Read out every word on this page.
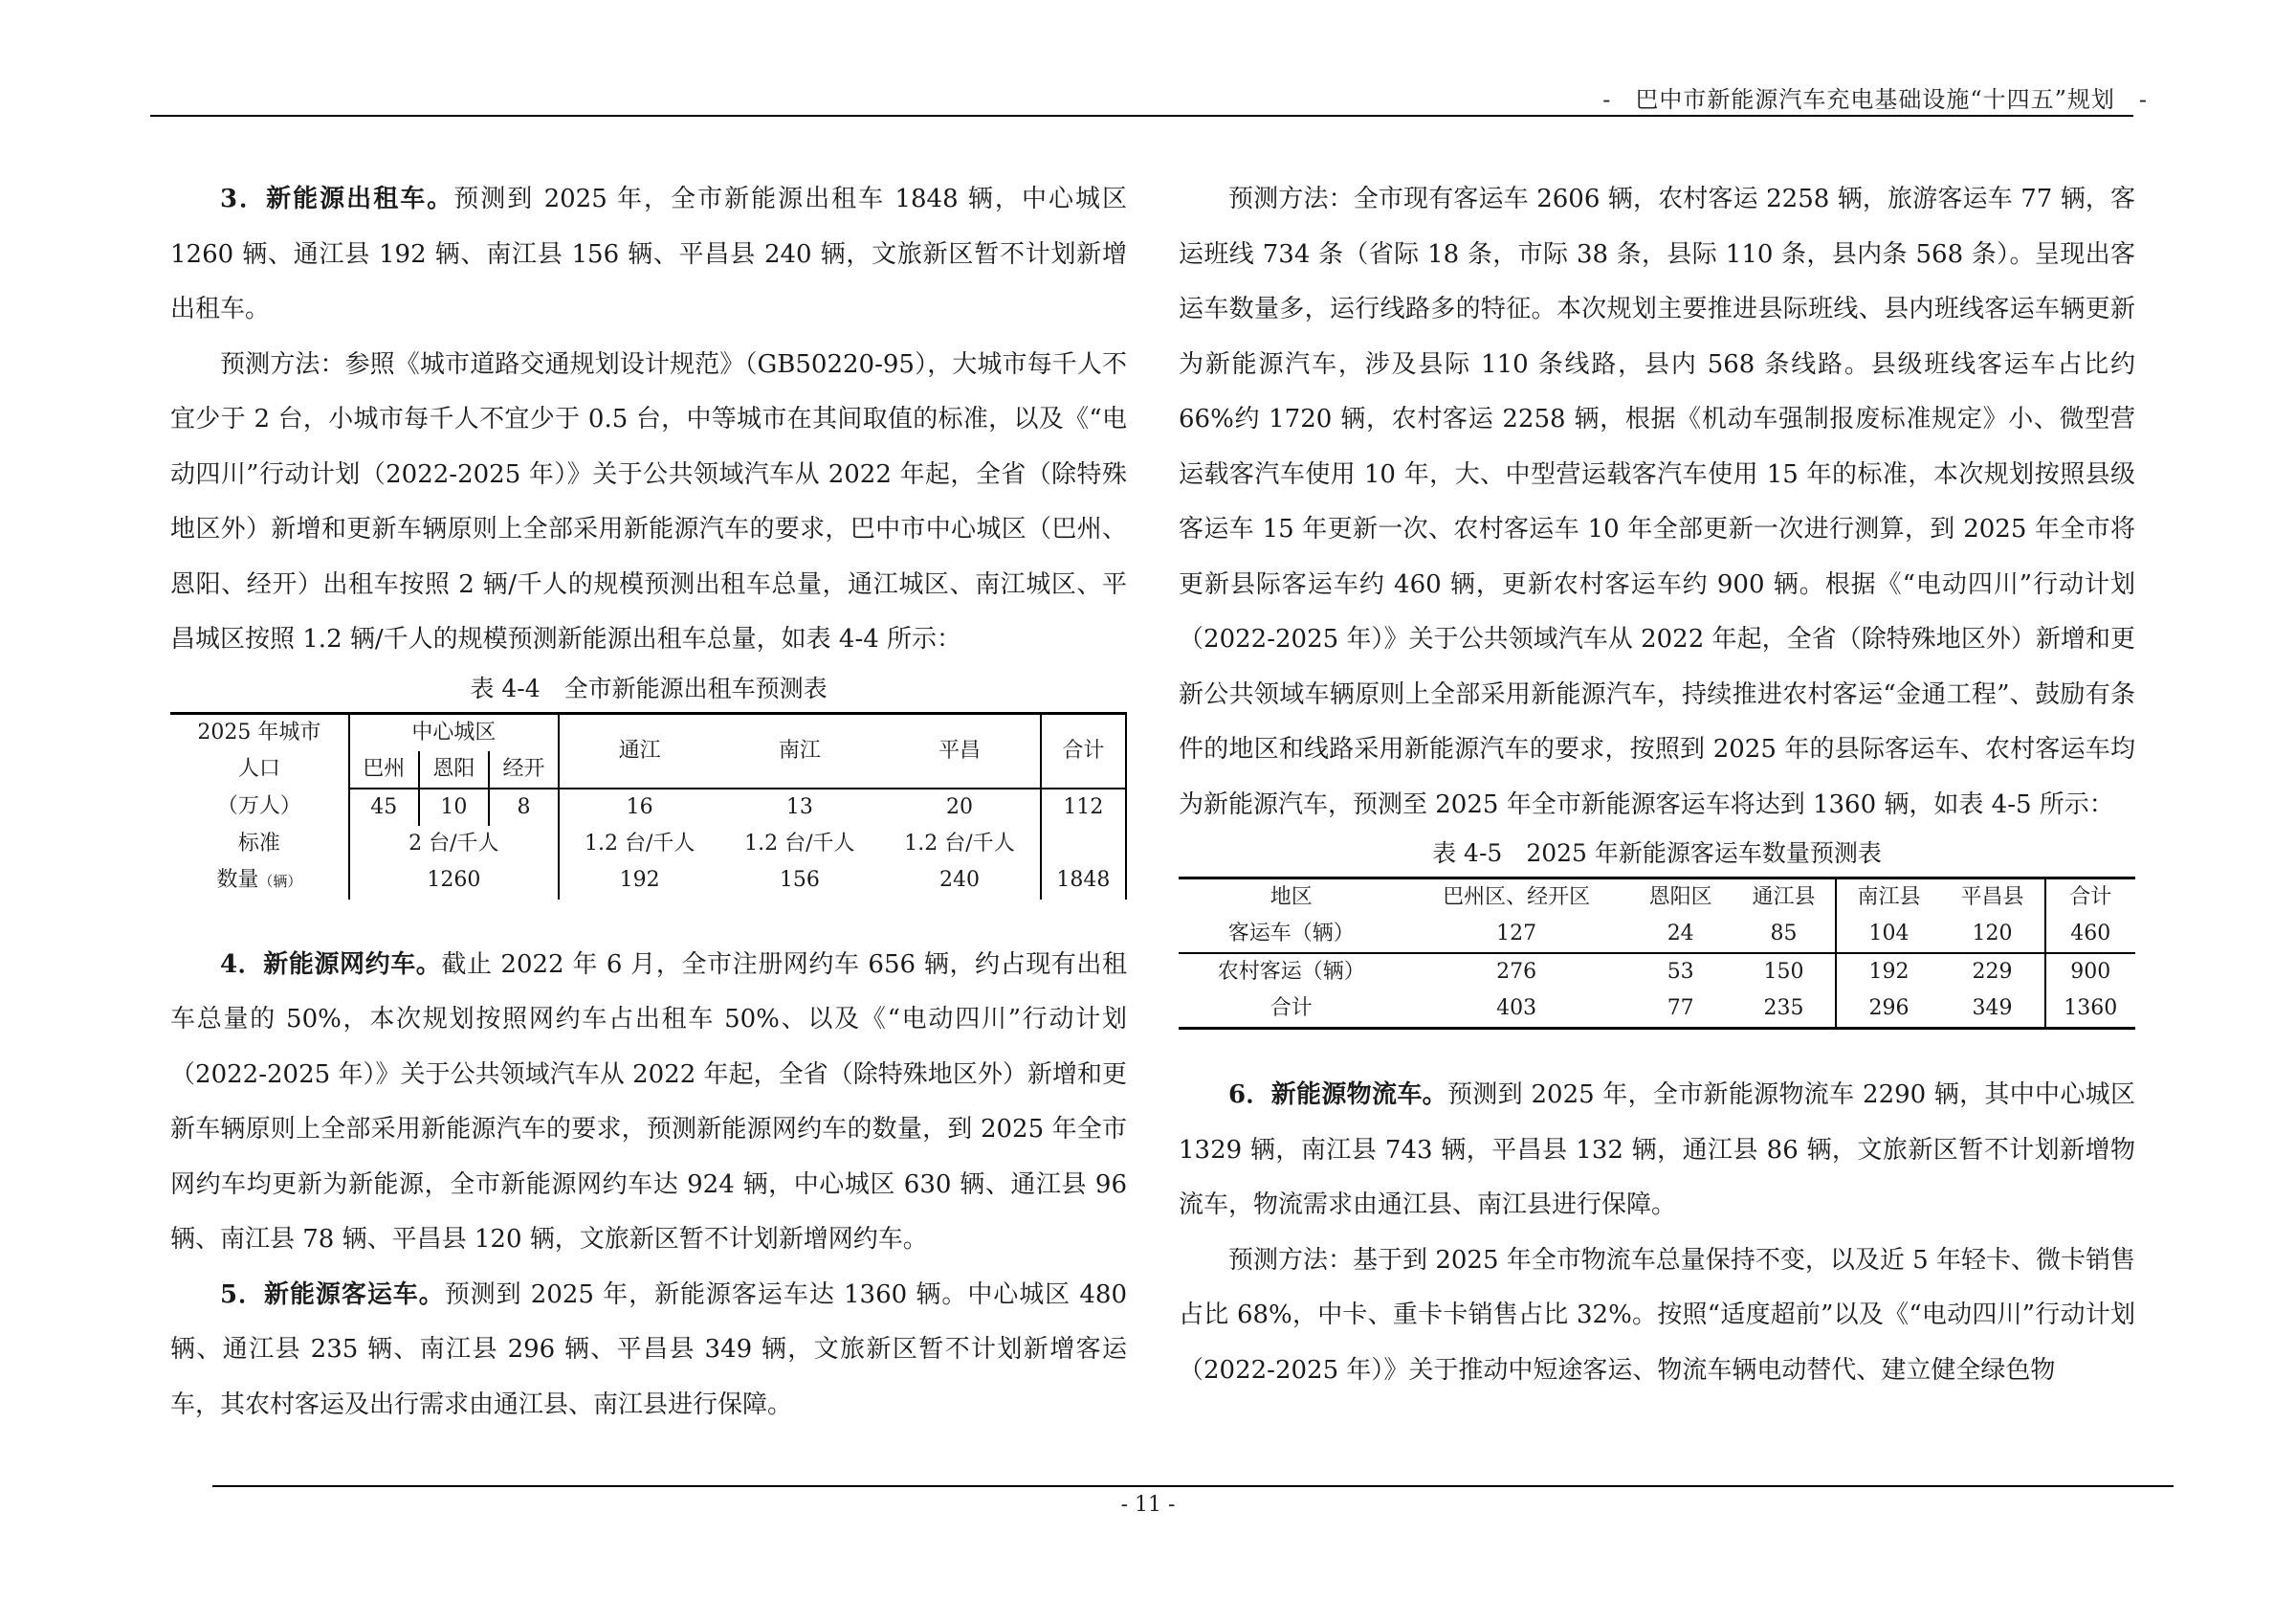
-　巴中市新能源汽车充电基础设施“十四五”规划　-

3．新能源出租车。预测到 2025 年，全市新能源出租车 1848 辆，中心城区 1260 辆、通江县 192 辆、南江县 156 辆、平昌县 240 辆，文旅新区暂不计划新增出租车。

预测方法：参照《城市道路交通规划设计规范》（GB50220-95），大城市每千人不宜少于 2 台，小城市每千人不宜少于 0.5 台，中等城市在其间取值的标准，以及《“电动四川”行动计划（2022-2025 年）》关于公共领域汽车从 2022 年起，全省（除特殊地区外）新增和更新车辆原则上全部采用新能源汽车的要求，巴中市中心城区（巴州、恩阳、经开）出租车按照 2 辆/千人的规模预测出租车总量，通江城区、南江城区、平昌城区按照 1.2 辆/千人的规模预测新能源出租车总量，如表 4-4 所示：

表 4-4　全市新能源出租车预测表
2025 年城市	中心城区			通江	南江	平昌	合计
人口	巴州	恩阳	经开				
（万人）	45	10	8	16	13	20	112
标准	2 台/千人			1.2 台/千人	1.2 台/千人	1.2 台/千人	
数量（辆）	1260			192	156	240	1848

4．新能源网约车。截止 2022 年 6 月，全市注册网约车 656 辆，约占现有出租车总量的 50%，本次规划按照网约车占出租车 50%、以及《“电动四川”行动计划（2022-2025 年）》关于公共领域汽车从 2022 年起，全省（除特殊地区外）新增和更新车辆原则上全部采用新能源汽车的要求，预测新能源网约车的数量，到 2025 年全市网约车均更新为新能源，全市新能源网约车达 924 辆，中心城区 630 辆、通江县 96 辆、南江县 78 辆、平昌县 120 辆，文旅新区暂不计划新增网约车。

5．新能源客运车。预测到 2025 年，新能源客运车达 1360 辆。中心城区 480 辆、通江县 235 辆、南江县 296 辆、平昌县 349 辆，文旅新区暂不计划新增客运车，其农村客运及出行需求由通江县、南江县进行保障。

预测方法：全市现有客运车 2606 辆，农村客运 2258 辆，旅游客运车 77 辆，客运班线 734 条（省际 18 条，市际 38 条，县际 110 条，县内条 568 条）。呈现出客运车数量多，运行线路多的特征。本次规划主要推进县际班线、县内班线客运车辆更新为新能源汽车，涉及县际 110 条线路，县内 568 条线路。县级班线客运车占比约 66%约 1720 辆，农村客运 2258 辆，根据《机动车强制报废标准规定》小、微型营运载客汽车使用 10 年，大、中型营运载客汽车使用 15 年的标准，本次规划按照县级客运车 15 年更新一次、农村客运车 10 年全部更新一次进行测算，到 2025 年全市将更新县际客运车约 460 辆，更新农村客运车约 900 辆。根据《“电动四川”行动计划（2022-2025 年）》关于公共领域汽车从 2022 年起，全省（除特殊地区外）新增和更新公共领域车辆原则上全部采用新能源汽车，持续推进农村客运“金通工程”、鼓励有条件的地区和线路采用新能源汽车的要求，按照到 2025 年的县际客运车、农村客运车均为新能源汽车，预测至 2025 年全市新能源客运车将达到 1360 辆，如表 4-5 所示：

表 4-5　2025 年新能源客运车数量预测表
地区	巴州区、经开区	恩阳区	通江县	南江县	平昌县	合计
客运车（辆）	127	24	85	104	120	460
农村客运（辆）	276	53	150	192	229	900
合计	403	77	235	296	349	1360

6．新能源物流车。预测到 2025 年，全市新能源物流车 2290 辆，其中中心城区 1329 辆，南江县 743 辆，平昌县 132 辆，通江县 86 辆，文旅新区暂不计划新增物流车，物流需求由通江县、南江县进行保障。

预测方法：基于到 2025 年全市物流车总量保持不变，以及近 5 年轻卡、微卡销售占比 68%，中卡、重卡卡销售占比 32%。按照“适度超前”以及《“电动四川”行动计划（2022-2025 年）》关于推动中短途客运、物流车辆电动替代、建立健全绿色物

- 11 -
